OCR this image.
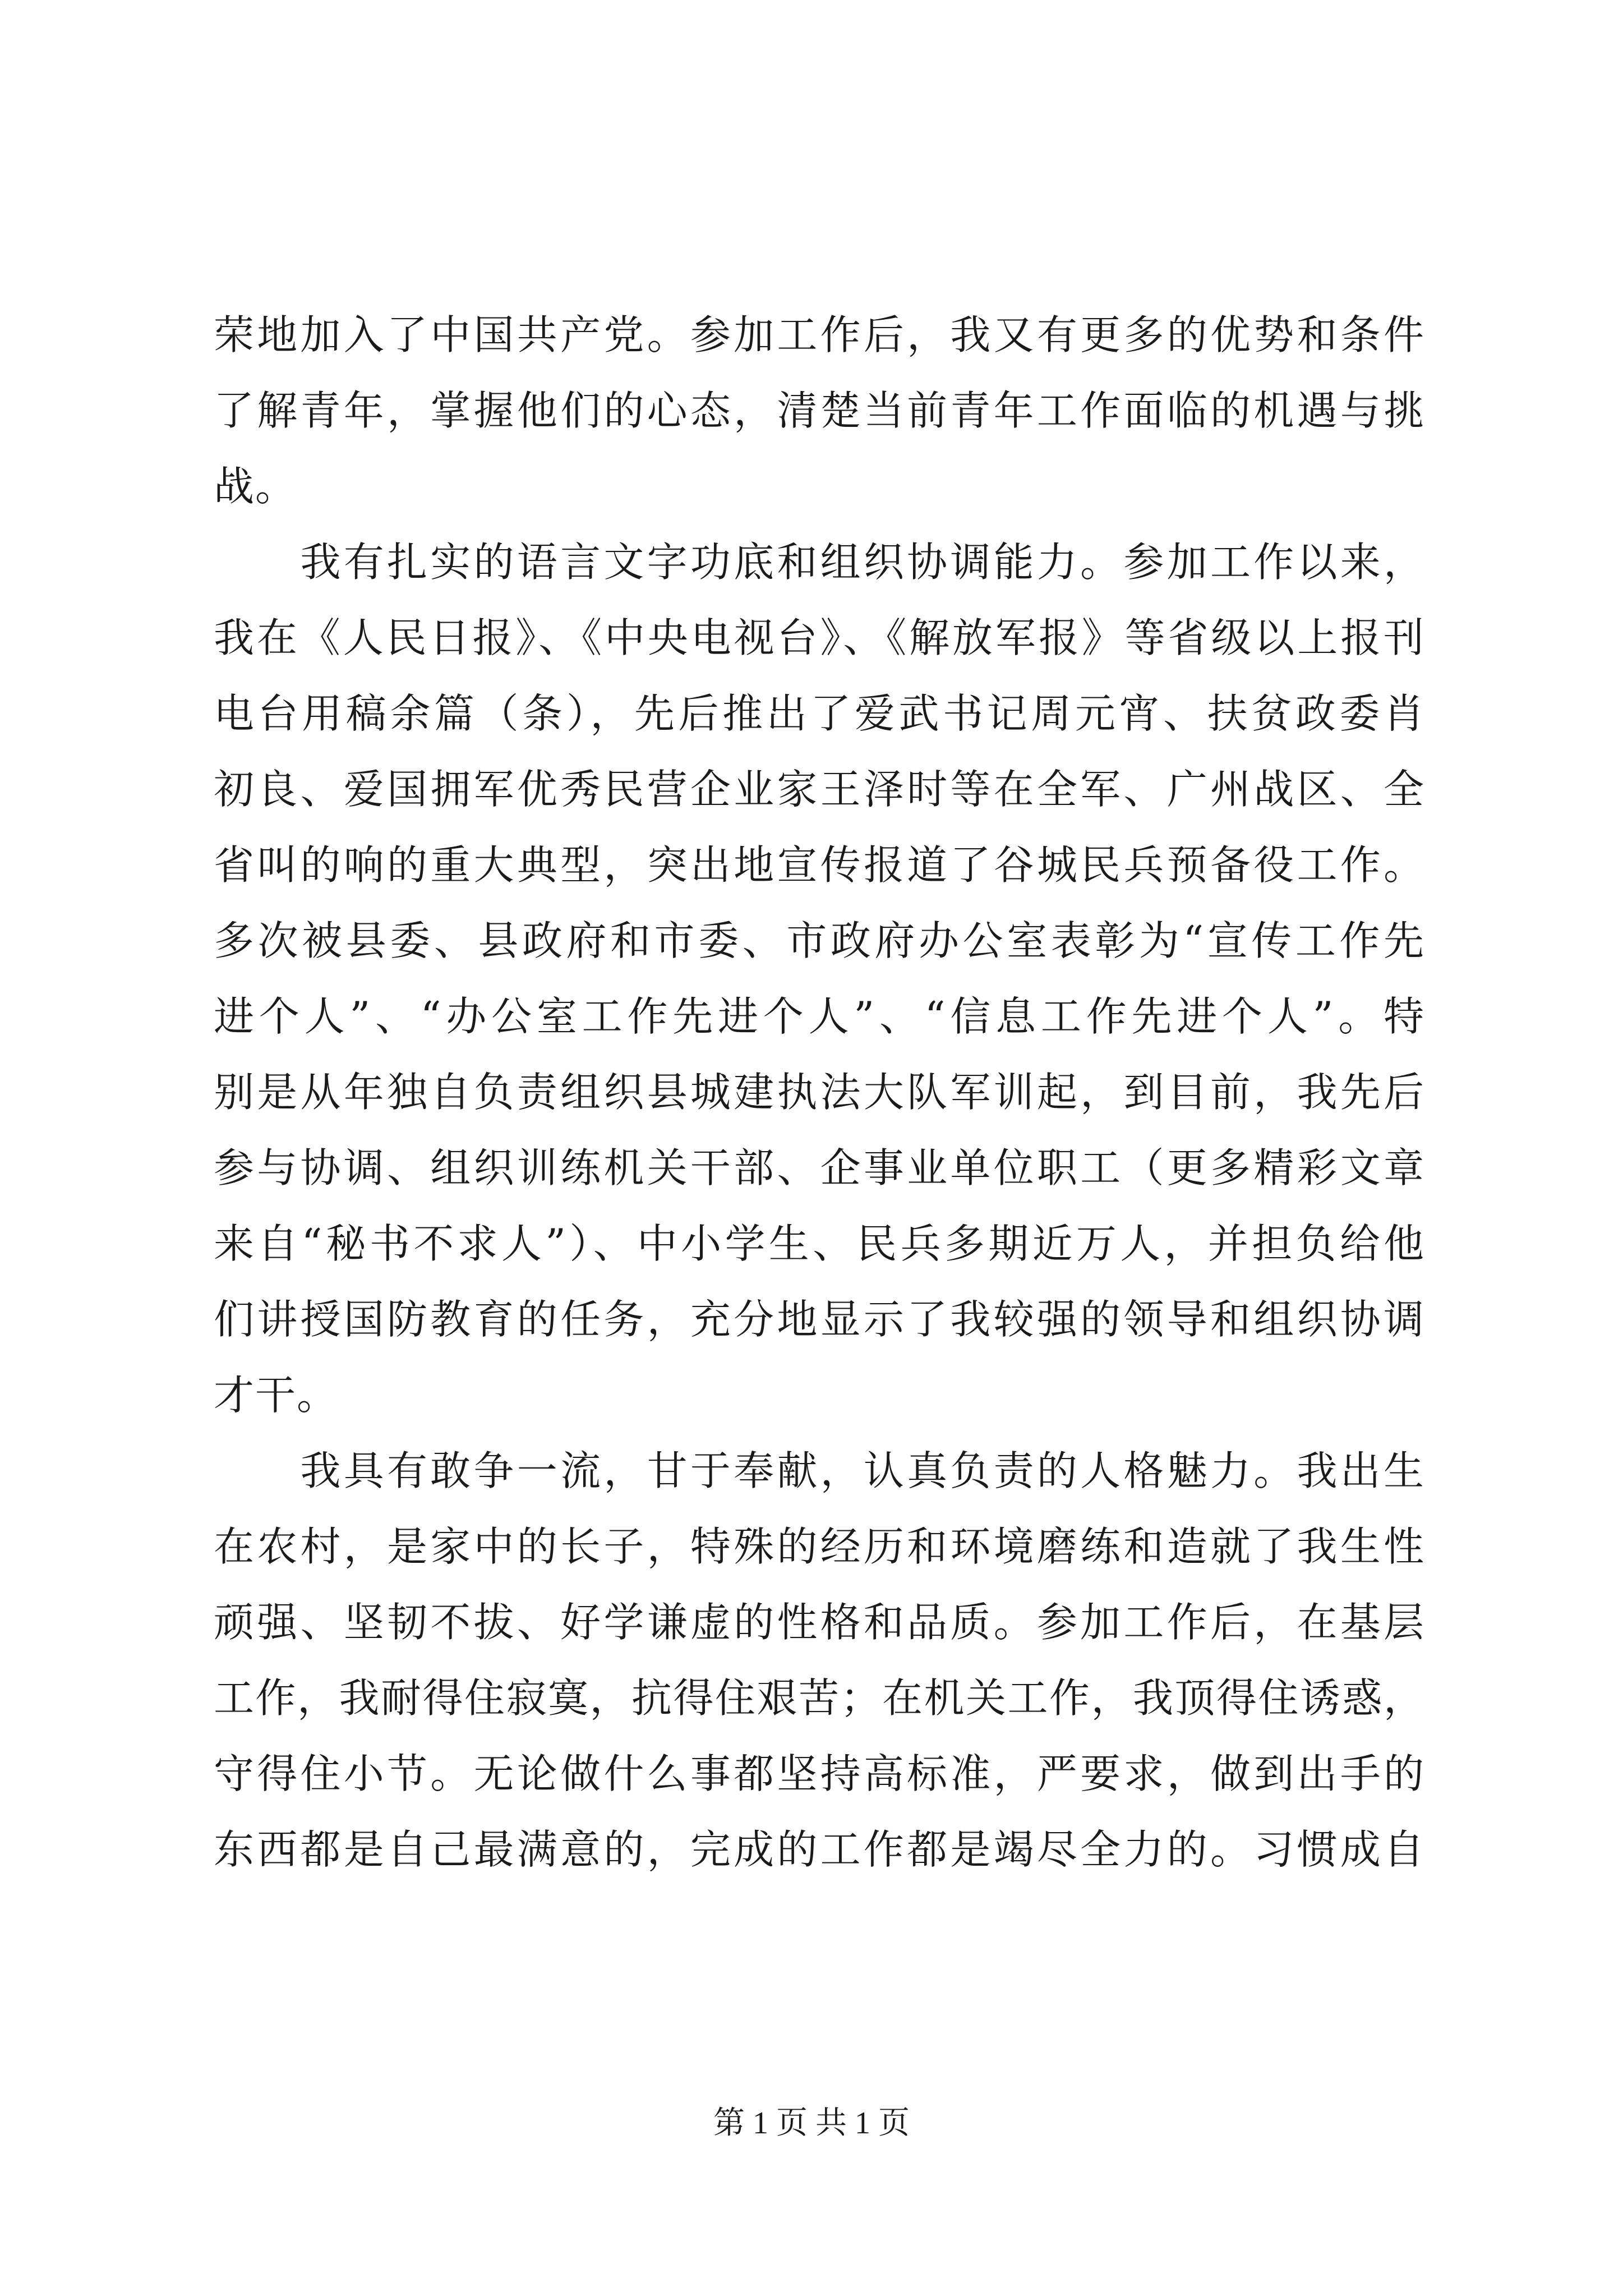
荣地加入了中国共产党。参加工作后，我又有更多的优势和条件
了解青年，掌握他们的心态，清楚当前青年工作面临的机遇与挑
战。
　　我有扎实的语言文字功底和组织协调能力。参加工作以来，
我在《人民日报》、《中央电视台》、《解放军报》等省级以上报刊
电台用稿余篇（条），先后推出了爱武书记周元宵、扶贫政委肖
初良、爱国拥军优秀民营企业家王泽时等在全军、广州战区、全
省叫的响的重大典型，突出地宣传报道了谷城民兵预备役工作。
多次被县委、县政府和市委、市政府办公室表彰为“宣传工作先
进个人”、“办公室工作先进个人”、“信息工作先进个人”。特
别是从年独自负责组织县城建执法大队军训起，到目前，我先后
参与协调、组织训练机关干部、企事业单位职工（更多精彩文章
来自“秘书不求人”）、中小学生、民兵多期近万人，并担负给他
们讲授国防教育的任务，充分地显示了我较强的领导和组织协调
才干。
　　我具有敢争一流，甘于奉献，认真负责的人格魅力。我出生
在农村，是家中的长子，特殊的经历和环境磨练和造就了我生性
顽强、坚韧不拔、好学谦虚的性格和品质。参加工作后，在基层
工作，我耐得住寂寞，抗得住艰苦；在机关工作，我顶得住诱惑，
守得住小节。无论做什么事都坚持高标准，严要求，做到出手的
东西都是自己最满意的，完成的工作都是竭尽全力的。习惯成自
第 1 页 共 1 页
